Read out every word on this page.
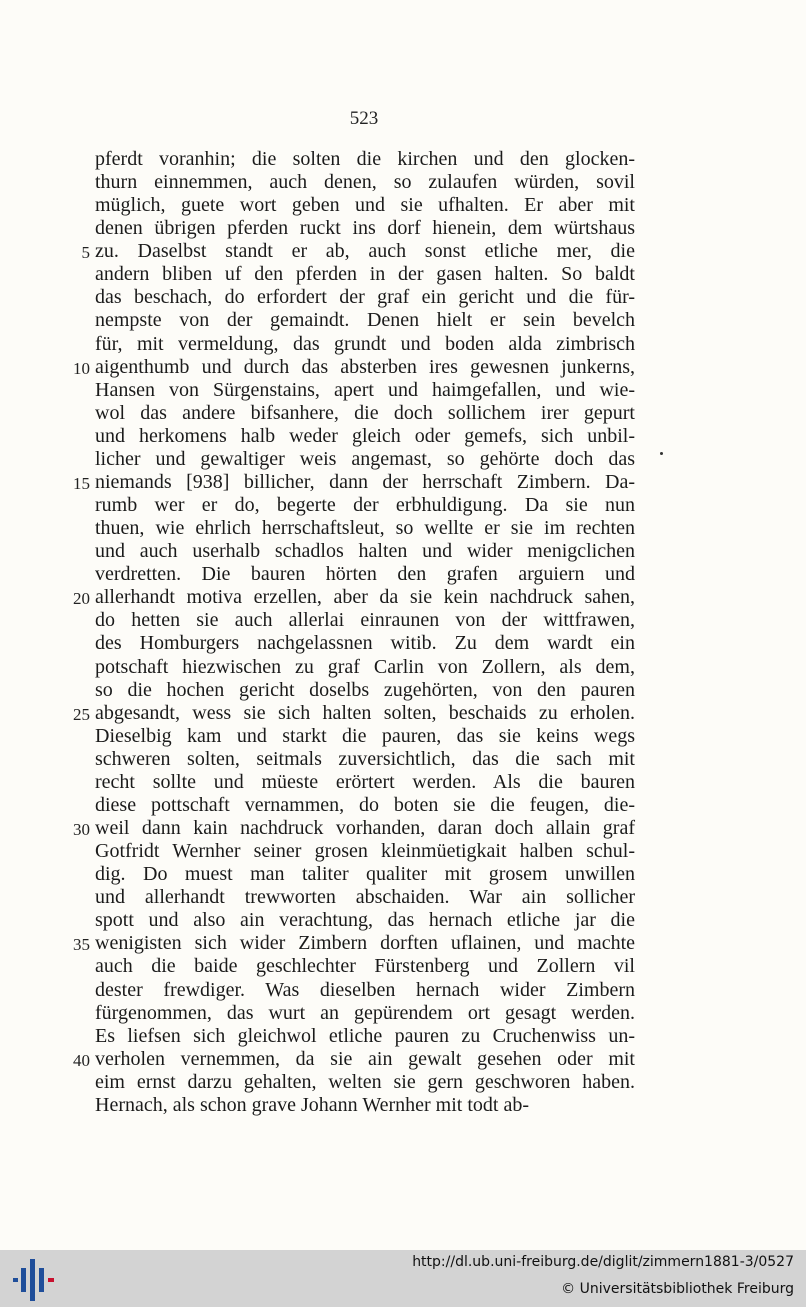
523
pferdt voranhin; die solten die kirchen und den glocken-
thurn einnemmen, auch denen, so zulaufen würden, sovil
müglich, guete wort geben und sie ufhalten. Er aber mit
denen übrigen pferden ruckt ins dorf hienein, dem würtshaus
5 zu. Daselbst standt er ab, auch sonst etliche mer, die
andern bliben uf den pferden in der gasen halten. So baldt
das beschach, do erfordert der graf ein gericht und die für-
nempste von der gemaindt. Denen hielt er sein bevelch
für, mit vermeldung, das grundt und boden alda zimbrisch
10 aigenthumb und durch das absterben ires gewesnen junkerns,
Hansen von Sürgenstains, apert und haimgefallen, und wie-
wol das andere bifsanhere, die doch sollichem irer gepurt
und herkomens halb weder gleich oder gemefs, sich unbil-
licher und gewaltiger weis angemast, so gehörte doch das
15 niemands [938] billicher, dann der herrschaft Zimbern. Da-
rumb wer er do, begerte der erbhuldigung. Da sie nun
thuen, wie ehrlich herrschaftsleut, so wellte er sie im rechten
und auch userhalb schadlos halten und wider menigclichen
verdretten. Die bauren hörten den grafen arguiern und
20 allerhandt motiva erzellen, aber da sie kein nachdruck sahen,
do hetten sie auch allerlai einraunen von der wittfrawen,
des Homburgers nachgelassnen witib. Zu dem wardt ein
potschaft hiezwischen zu graf Carlin von Zollern, als dem,
so die hochen gericht doselbs zugehörten, von den pauren
25 abgesandt, wess sie sich halten solten, beschaids zu erholen.
Dieselbig kam und starkt die pauren, das sie keins wegs
schweren solten, seitmals zuversichtlich, das die sach mit
recht sollte und müeste erörtert werden. Als die bauren
diese pottschaft vernammen, do boten sie die feugen, die-
30 weil dann kain nachdruck vorhanden, daran doch allain graf
Gotfridt Wernher seiner grosen kleinmüetigkait halben schul-
dig. Do muest man taliter qualiter mit grosem unwillen
und allerhandt trewworten abschaiden. War ain sollicher
spott und also ain verachtung, das hernach etliche jar die
35 wenigisten sich wider Zimbern dorften uflainen, und machte
auch die baide geschlechter Fürstenberg und Zollern vil
dester frewdiger. Was dieselben hernach wider Zimbern
fürgenommen, das wurt an gepürendem ort gesagt werden.
Es liefsen sich gleichwol etliche pauren zu Cruchenwiss un-
40 verholen vernemmen, da sie ain gewalt gesehen oder mit
eim ernst darzu gehalten, welten sie gern geschworen haben.
Hernach, als schon grave Johann Wernher mit todt ab-
http://dl.ub.uni-freiburg.de/diglit/zimmern1881-3/0527
© Universitätsbibliothek Freiburg
